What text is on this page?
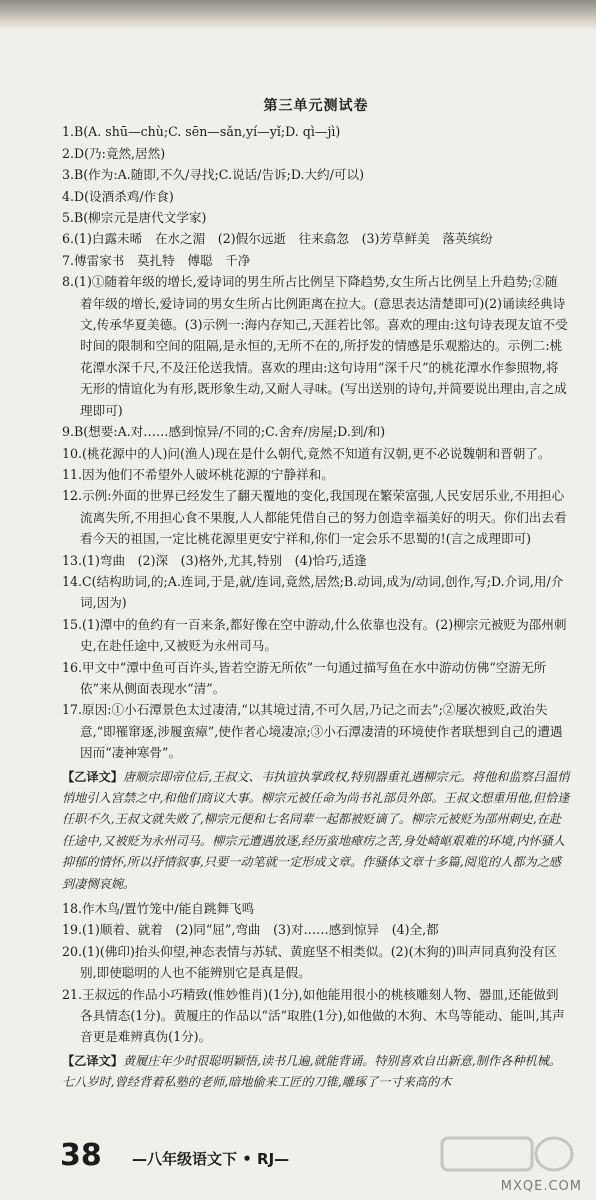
第三单元测试卷

1.B(A. shū—chù;C. sēn—sǎn,yí—yǐ;D. qì—jì)

2.D(乃:竟然,居然)

3.B(作为:A.随即,不久/寻找;C.说话/告诉;D.大约/可以)

4.D(设酒杀鸡/作食)

5.B(柳宗元是唐代文学家)

6.(1)白露未晞　在水之湄　(2)假尔远逝　往来翕忽　(3)芳草鲜美　落英缤纷

7.傅雷家书　莫扎特　傅聪　千净

8.(1)①随着年级的增长,爱诗词的男生所占比例呈下降趋势,女生所占比例呈上升趋势;②随着年级的增长,爱诗词的男女生所占比例距离在拉大。(意思表达清楚即可)(2)诵读经典诗文,传承华夏美德。(3)示例一:海内存知己,天涯若比邻。喜欢的理由:这句诗表现友谊不受时间的限制和空间的阻隔,是永恒的,无所不在的,所抒发的情感是乐观豁达的。示例二:桃花潭水深千尺,不及汪伦送我情。喜欢的理由:这句诗用“深千尺”的桃花潭水作参照物,将无形的情谊化为有形,既形象生动,又耐人寻味。(写出送别的诗句,并简要说出理由,言之成理即可)

9.B(想要:A.对……感到惊异/不同的;C.舍弃/房屋;D.到/和)

10.(桃花源中的人)问(渔人)现在是什么朝代,竟然不知道有汉朝,更不必说魏朝和晋朝了。

11.因为他们不希望外人破坏桃花源的宁静祥和。

12.示例:外面的世界已经发生了翻天覆地的变化,我国现在繁荣富强,人民安居乐业,不用担心流离失所,不用担心食不果腹,人人都能凭借自己的努力创造幸福美好的明天。你们出去看看今天的祖国,一定比桃花源里更安宁祥和,你们一定会乐不思蜀的!(言之成理即可)

13.(1)弯曲　(2)深　(3)格外,尤其,特别　(4)恰巧,适逢

14.C(结构助词,的;A.连词,于是,就/连词,竟然,居然;B.动词,成为/动词,创作,写;D.介词,用/介词,因为)

15.(1)潭中的鱼约有一百来条,都好像在空中游动,什么依靠也没有。(2)柳宗元被贬为邵州刺史,在赴任途中,又被贬为永州司马。

16.甲文中“潭中鱼可百许头,皆若空游无所依”一句通过描写鱼在水中游动仿佛“空游无所依”来从侧面表现水“清”。

17.原因:①小石潭景色太过凄清,“以其境过清,不可久居,乃记之而去”;②屡次被贬,政治失意,“即罹窜逐,涉履蛮瘴”,使作者心境凄凉;③小石潭凄清的环境使作者联想到自己的遭遇因而“凄神寒骨”。

【乙译文】唐顺宗即帝位后,王叔文、韦执谊执掌政权,特别器重礼遇柳宗元。将他和监察吕温悄悄地引入宫禁之中,和他们商议大事。柳宗元被任命为尚书礼部员外郎。王叔文想重用他,但恰逢任职不久,王叔文就失败了,柳宗元便和七名同辈一起都被贬谪了。柳宗元被贬为邵州刺史,在赴任途中,又被贬为永州司马。柳宗元遭遇放逐,经历蛮地瘴疠之苦,身处崎岖艰难的环境,内怀骚人抑郁的情怀,所以抒情叙事,只要一动笔就一定形成文章。作骚体文章十多篇,阅览的人都为之感到凄恻哀婉。

18.作木鸟/置竹笼中/能自跳舞飞鸣

19.(1)顺着、就着　(2)同“屈”,弯曲　(3)对……感到惊异　(4)全,都

20.(1)(佛印)抬头仰望,神态表情与苏轼、黄庭坚不相类似。(2)(木狗的)叫声同真狗没有区别,即使聪明的人也不能辨别它是真是假。

21.王叔远的作品小巧精致(惟妙惟肖)(1分),如他能用很小的桃核雕刻人物、器皿,还能做到各具情态(1分)。黄履庄的作品以“活”取胜(1分),如他做的木狗、木鸟等能动、能叫,其声音更是难辨真伪(1分)。

【乙译文】黄履庄年少时很聪明颖悟,读书几遍,就能背诵。特别喜欢自出新意,制作各种机械。七八岁时,曾经背着私塾的老师,暗地偷来工匠的刀锥,雕琢了一寸来高的木
38 —八年级语文下 • RJ—
MXQE.COM
